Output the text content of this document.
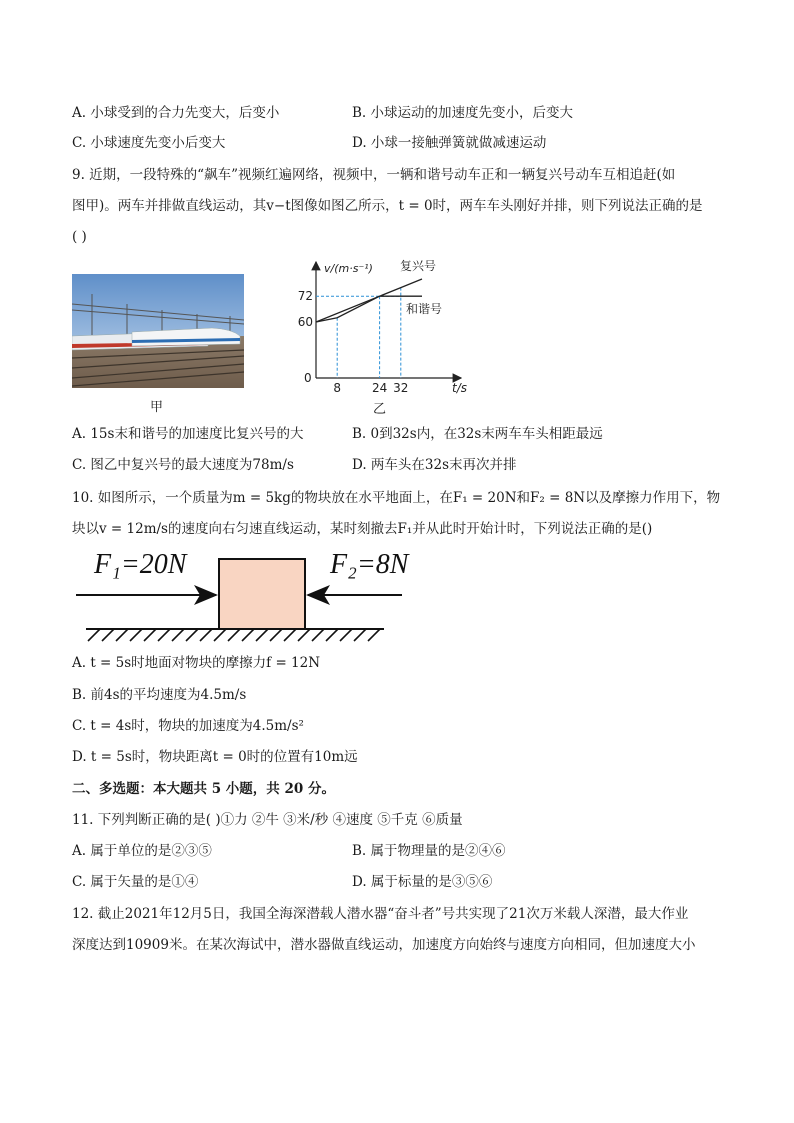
A. 小球受到的合力先变大，后变小	B. 小球运动的加速度先变小，后变大
C. 小球速度先变小后变大	D. 小球一接触弹簧就做减速运动
9. 近期，一段特殊的“飙车”视频红遍网络，视频中，一辆和谐号动车正和一辆复兴号动车互相追赶(如
图甲)。两车并排做直线运动，其v−t图像如图乙所示，t = 0时，两车车头刚好并排，则下列说法正确的是
( )
甲
v/(m·s⁻¹)
t/s
0
复兴号
和谐号
60
72
8	24 32
乙
A. 15s末和谐号的加速度比复兴号的大	B. 0到32s内，在32s末两车车头相距最远
C. 图乙中复兴号的最大速度为78m/s	D. 两车头在32s末再次并排
10. 如图所示，一个质量为m = 5kg的物块放在水平地面上，在F₁ = 20N和F₂ = 8N以及摩擦力作用下，物
块以v = 12m/s的速度向右匀速直线运动，某时刻撤去F₁并从此时开始计时，下列说法正确的是()
F₁=20N	F₂=8N
A. t = 5s时地面对物块的摩擦力f = 12N
B. 前4s的平均速度为4.5m/s
C. t = 4s时，物块的加速度为4.5m/s²
D. t = 5s时，物块距离t = 0时的位置有10m远
二、多选题：本大题共 5 小题，共 20 分。
11. 下列判断正确的是( )①力 ②牛 ③米/秒 ④速度 ⑤千克 ⑥质量
A. 属于单位的是②③⑤	B. 属于物理量的是②④⑥
C. 属于矢量的是①④	D. 属于标量的是③⑤⑥
12. 截止2021年12月5日，我国全海深潜载人潜水器“奋斗者”号共实现了21次万米载人深潜，最大作业
深度达到10909米。在某次海试中，潜水器做直线运动，加速度方向始终与速度方向相同，但加速度大小
